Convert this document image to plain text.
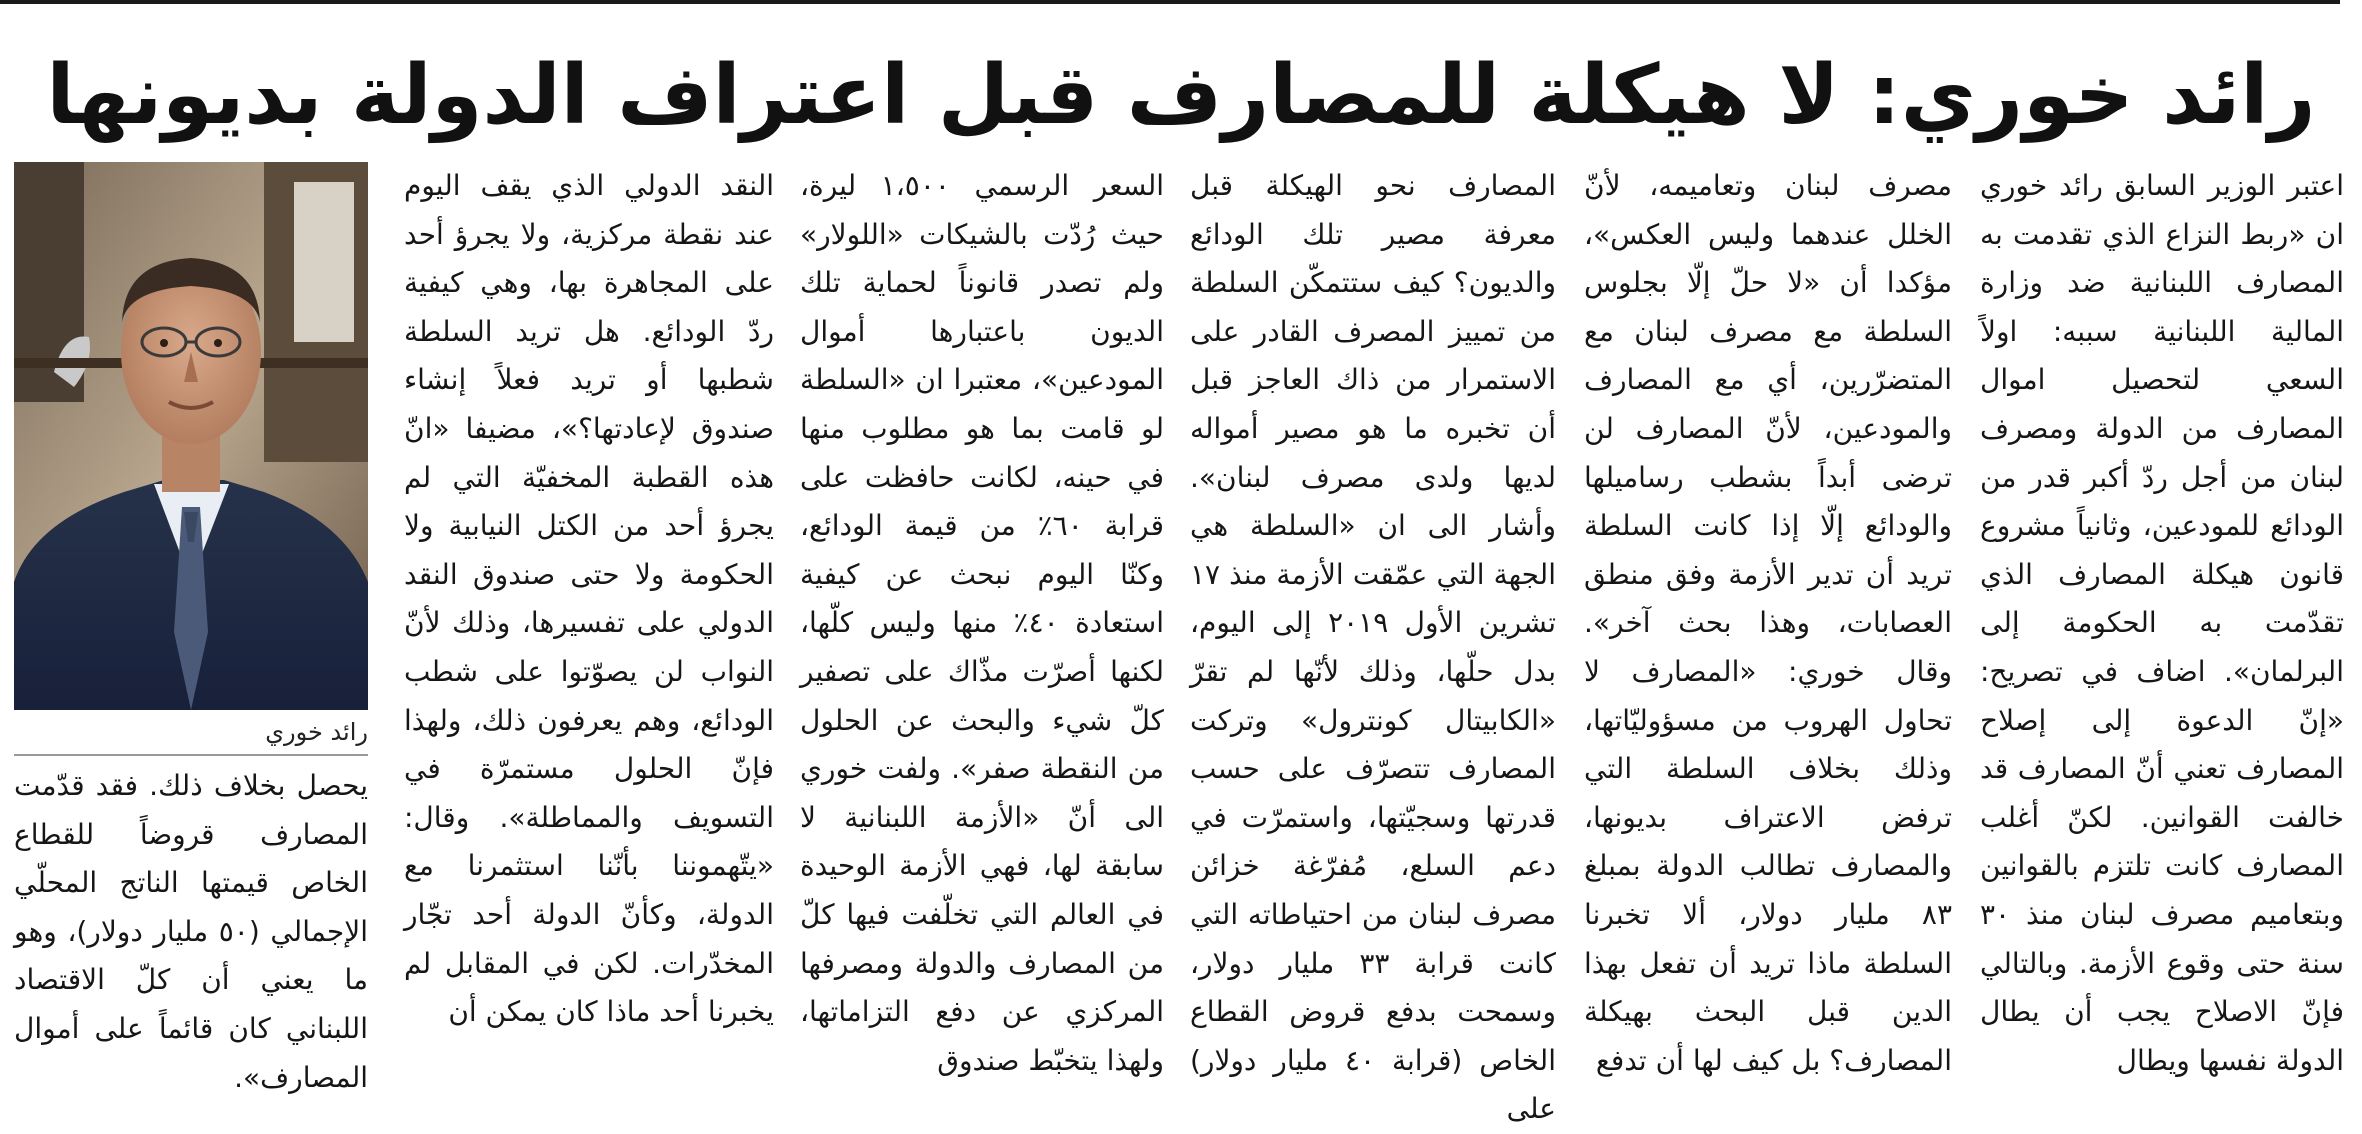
رائد خوري: لا هيكلة للمصارف قبل اعتراف الدولة بديونها
اعتبر الوزير السابق رائد خوري ان «ربط النزاع الذي تقدمت به المصارف اللبنانية ضد وزارة المالية اللبنانية سببه: اولاً السعي لتحصيل اموال المصارف من الدولة ومصرف لبنان من أجل ردّ أكبر قدر من الودائع للمودعين، وثانياً مشروع قانون هيكلة المصارف الذي تقدّمت به الحكومة إلى البرلمان». اضاف في تصريح: «إنّ الدعوة إلى إصلاح المصارف تعني أنّ المصارف قد خالفت القوانين. لكنّ أغلب المصارف كانت تلتزم بالقوانين وبتعاميم مصرف لبنان منذ ٣٠ سنة حتى وقوع الأزمة. وبالتالي فإنّ الاصلاح يجب أن يطال الدولة نفسها ويطال
مصرف لبنان وتعاميمه، لأنّ الخلل عندهما وليس العكس»، مؤكدا أن «لا حلّ إلّا بجلوس السلطة مع مصرف لبنان مع المتضرّرين، أي مع المصارف والمودعين، لأنّ المصارف لن ترضى أبداً بشطب رساميلها والودائع إلّا إذا كانت السلطة تريد أن تدير الأزمة وفق منطق العصابات، وهذا بحث آخر». وقال خوري: «المصارف لا تحاول الهروب من مسؤوليّاتها، وذلك بخلاف السلطة التي ترفض الاعتراف بديونها، والمصارف تطالب الدولة بمبلغ ٨٣ مليار دولار، ألا تخبرنا السلطة ماذا تريد أن تفعل بهذا الدين قبل البحث بهيكلة المصارف؟ بل كيف لها أن تدفع
المصارف نحو الهيكلة قبل معرفة مصير تلك الودائع والديون؟ كيف ستتمكّن السلطة من تمييز المصرف القادر على الاستمرار من ذاك العاجز قبل أن تخبره ما هو مصير أمواله لديها ولدى مصرف لبنان». وأشار الى ان «السلطة هي الجهة التي عمّقت الأزمة منذ ١٧ تشرين الأول ٢٠١٩ إلى اليوم، بدل حلّها، وذلك لأنّها لم تقرّ «الكابيتال كونترول» وتركت المصارف تتصرّف على حسب قدرتها وسجيّتها، واستمرّت في دعم السلع، مُفرّغة خزائن مصرف لبنان من احتياطاته التي كانت قرابة ٣٣ مليار دولار، وسمحت بدفع قروض القطاع الخاص (قرابة ٤٠ مليار دولار) على
السعر الرسمي ١،٥٠٠ ليرة، حيث رُدّت بالشيكات «اللولار» ولم تصدر قانوناً لحماية تلك الديون باعتبارها أموال المودعين»، معتبرا ان «السلطة لو قامت بما هو مطلوب منها في حينه، لكانت حافظت على قرابة ٦٠٪ من قيمة الودائع، وكنّا اليوم نبحث عن كيفية استعادة ٤٠٪ منها وليس كلّها، لكنها أصرّت مذّاك على تصفير كلّ شيء والبحث عن الحلول من النقطة صفر». ولفت خوري الى أنّ «الأزمة اللبنانية لا سابقة لها، فهي الأزمة الوحيدة في العالم التي تخلّفت فيها كلّ من المصارف والدولة ومصرفها المركزي عن دفع التزاماتها، ولهذا يتخبّط صندوق
النقد الدولي الذي يقف اليوم عند نقطة مركزية، ولا يجرؤ أحد على المجاهرة بها، وهي كيفية ردّ الودائع. هل تريد السلطة شطبها أو تريد فعلاً إنشاء صندوق لإعادتها؟»، مضيفا «انّ هذه القطبة المخفيّة التي لم يجرؤ أحد من الكتل النيابية ولا الحكومة ولا حتى صندوق النقد الدولي على تفسيرها، وذلك لأنّ النواب لن يصوّتوا على شطب الودائع، وهم يعرفون ذلك، ولهذا فإنّ الحلول مستمرّة في التسويف والمماطلة». وقال: «يتّهموننا بأنّنا استثمرنا مع الدولة، وكأنّ الدولة أحد تجّار المخدّرات. لكن في المقابل لم يخبرنا أحد ماذا كان يمكن أن
رائد خوري
يحصل بخلاف ذلك. فقد قدّمت المصارف قروضاً للقطاع الخاص قيمتها الناتج المحلّي الإجمالي (٥٠ مليار دولار)، وهو ما يعني أن كلّ الاقتصاد اللبناني كان قائماً على أموال المصارف».
